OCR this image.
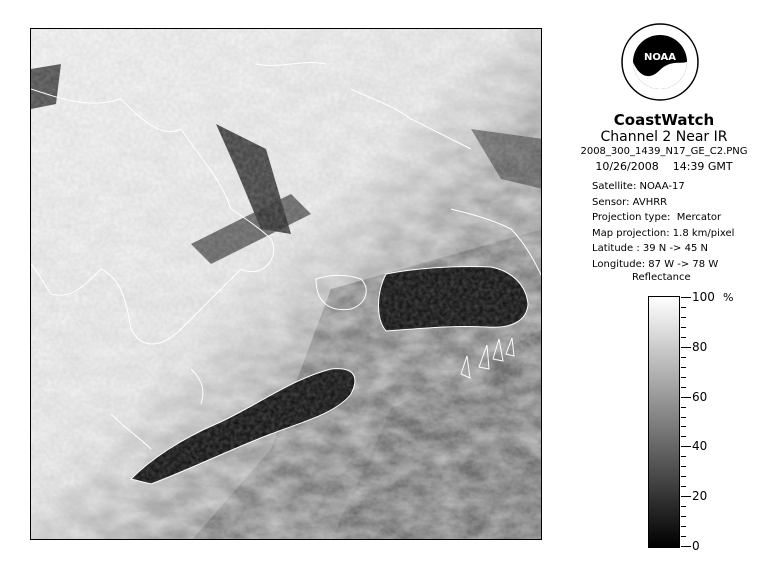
NOAA
CoastWatch
Channel 2 Near IR
2008_300_1439_N17_GE_C2.PNG
10/26/2008    14:39 GMT
Satellite: NOAA-17
Sensor: AVHRR
Projection type:  Mercator
Map projection: 1.8 km/pixel
Latitude : 39 N -> 45 N
Longitude: 87 W -> 78 W
Reflectance
%
100
80
60
40
20
0
